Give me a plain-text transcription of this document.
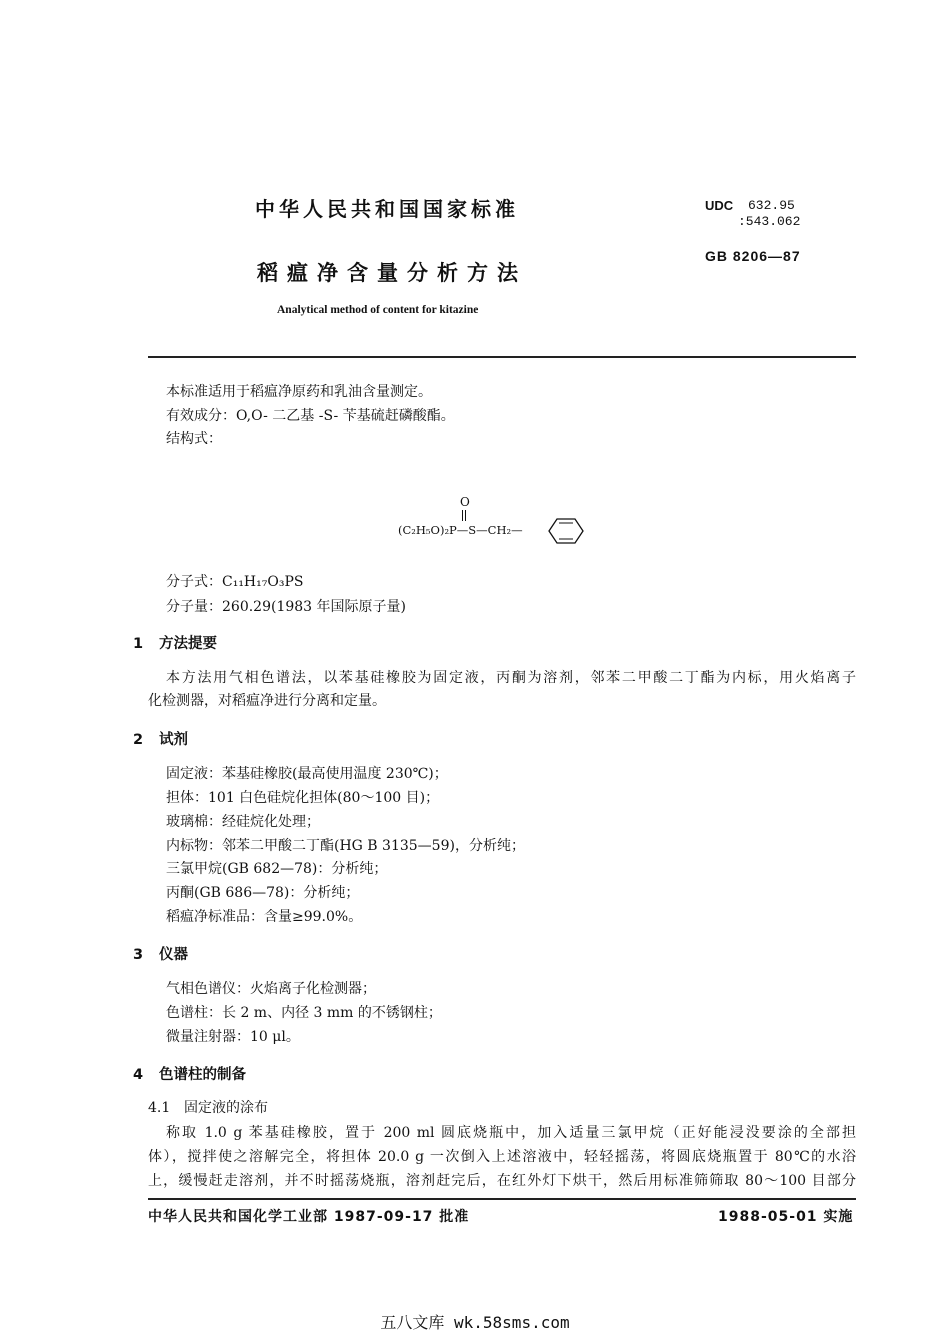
中华人民共和国国家标准
稻瘟净含量分析方法
Analytical method of content for kitazine
UDC 632.95
:543.062
GB 8206—87
本标准适用于稻瘟净原药和乳油含量测定。
有效成分：O,O- 二乙基 -S- 苄基硫赶磷酸酯。
结构式：
O
(C₂H₅O)₂P—S—CH₂—
分子式：C₁₁H₁₇O₃PS
分子量：260.29(1983 年国际原子量)
1 方法提要
本方法用气相色谱法，以苯基硅橡胶为固定液，丙酮为溶剂，邻苯二甲酸二丁酯为内标，用火焰离子
化检测器，对稻瘟净进行分离和定量。
2 试剂
固定液：苯基硅橡胶(最高使用温度 230℃)；
担体：101 白色硅烷化担体(80～100 目)；
玻璃棉：经硅烷化处理；
内标物：邻苯二甲酸二丁酯(HG B 3135—59)，分析纯；
三氯甲烷(GB 682—78)：分析纯；
丙酮(GB 686—78)：分析纯；
稻瘟净标准品：含量≥99.0%。
3 仪器
气相色谱仪：火焰离子化检测器；
色谱柱：长 2 m、内径 3 mm 的不锈钢柱；
微量注射器：10 μl。
4 色谱柱的制备
4.1 固定液的涂布
称取 1.0 g 苯基硅橡胶，置于 200 ml 圆底烧瓶中，加入适量三氯甲烷（正好能浸没要涂的全部担
体），搅拌使之溶解完全，将担体 20.0 g 一次倒入上述溶液中，轻轻摇荡，将圆底烧瓶置于 80℃的水浴
上，缓慢赶走溶剂，并不时摇荡烧瓶，溶剂赶完后，在红外灯下烘干，然后用标准筛筛取 80～100 目部分
中华人民共和国化学工业部 1987-09-17 批准	1988-05-01 实施
五八文库 wk.58sms.com
